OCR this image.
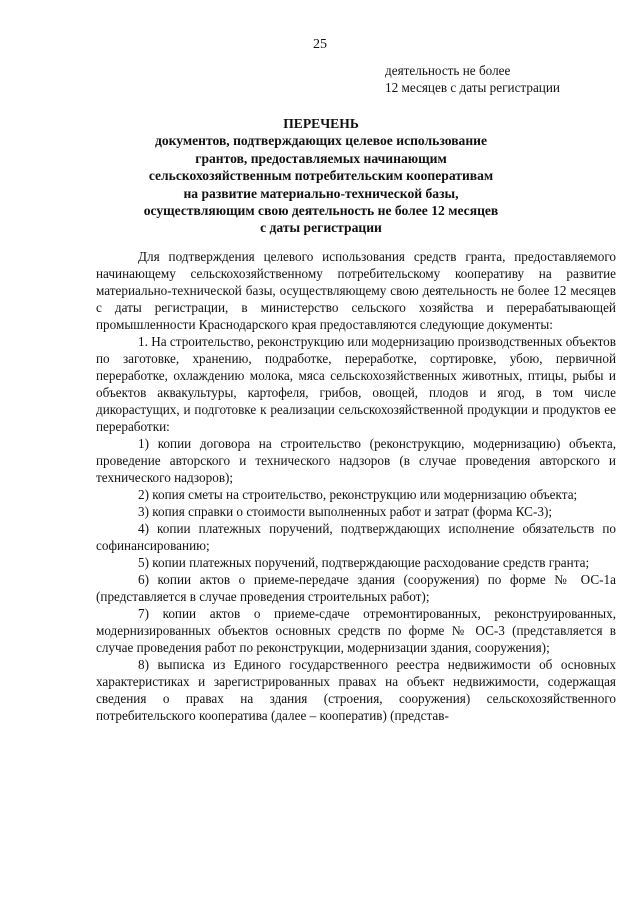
25
деятельность не более
12 месяцев с даты регистрации
ПЕРЕЧЕНЬ
документов, подтверждающих целевое использование
грантов, предоставляемых начинающим
сельскохозяйственным потребительским кооперативам
на развитие материально-технической базы,
осуществляющим свою деятельность не более 12 месяцев
с даты регистрации

Для подтверждения целевого использования средств гранта, предоставляемого начинающему сельскохозяйственному потребительскому кооперативу на развитие материально-технической базы, осуществляющему свою деятельность не более 12 месяцев с даты регистрации, в министерство сельского хозяйства и перерабатывающей промышленности Краснодарского края предоставляются следующие документы:

1. На строительство, реконструкцию или модернизацию производственных объектов по заготовке, хранению, подработке, переработке, сортировке, убою, первичной переработке, охлаждению молока, мяса сельскохозяйственных животных, птицы, рыбы и объектов аквакультуры, картофеля, грибов, овощей, плодов и ягод, в том числе дикорастущих, и подготовке к реализации сельскохозяйственной продукции и продуктов ее переработки:

1) копии договора на строительство (реконструкцию, модернизацию) объекта, проведение авторского и технического надзоров (в случае проведения авторского и технического надзоров);

2) копия сметы на строительство, реконструкцию или модернизацию объекта;

3) копия справки о стоимости выполненных работ и затрат (форма КС-3);

4) копии платежных поручений, подтверждающих исполнение обязательств по софинансированию;

5) копии платежных поручений, подтверждающие расходование средств гранта;

6) копии актов о приеме-передаче здания (сооружения) по форме № ОС-1а (представляется в случае проведения строительных работ);

7) копии актов о приеме-сдаче отремонтированных, реконструированных, модернизированных объектов основных средств по форме № ОС-3 (представляется в случае проведения работ по реконструкции, модернизации здания, сооружения);

8) выписка из Единого государственного реестра недвижимости об основных характеристиках и зарегистрированных правах на объект недвижимости, содержащая сведения о правах на здания (строения, сооружения) сельскохозяйственного потребительского кооператива (далее – кооператив) (представ-
